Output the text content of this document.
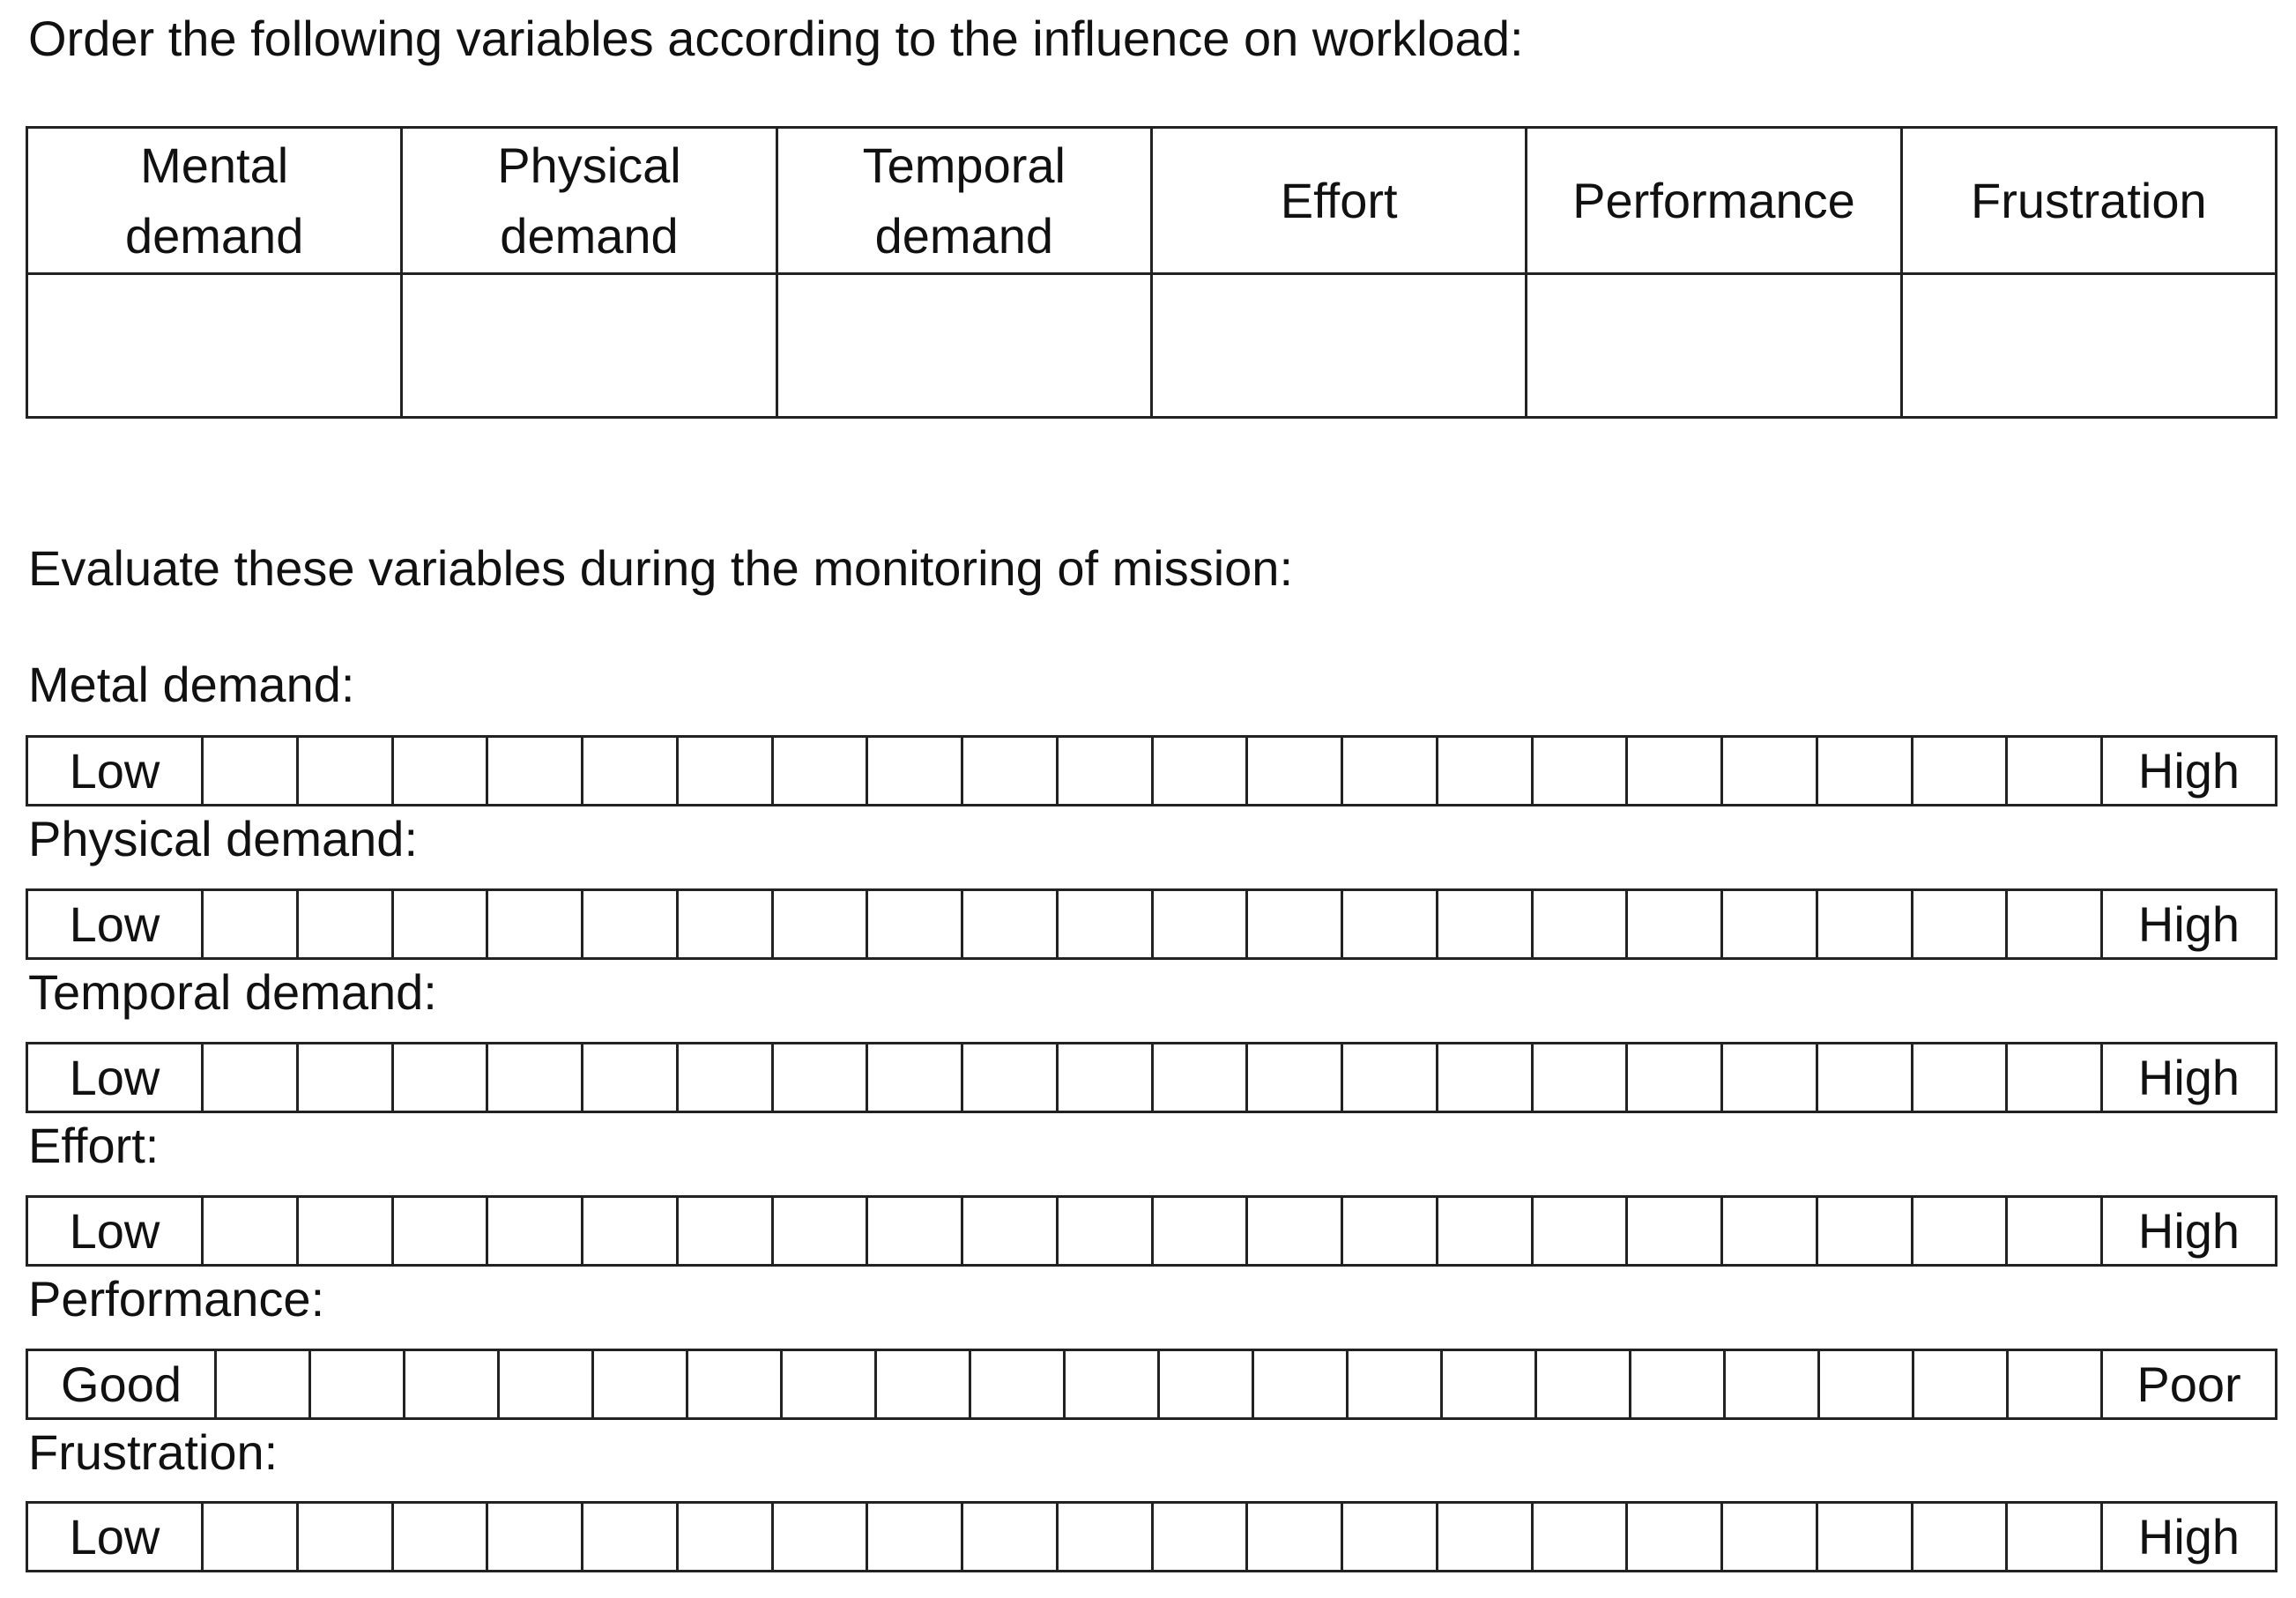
Order the following variables according to the influence on workload:
Mental demand	Physical demand	Temporal demand	Effort	Performance	Frustration

Evaluate these variables during the monitoring of mission:
Metal demand:
Low	High
Physical demand:
Low	High
Temporal demand:
Low	High
Effort:
Low	High
Performance:
Good	Poor
Frustration:
Low	High
